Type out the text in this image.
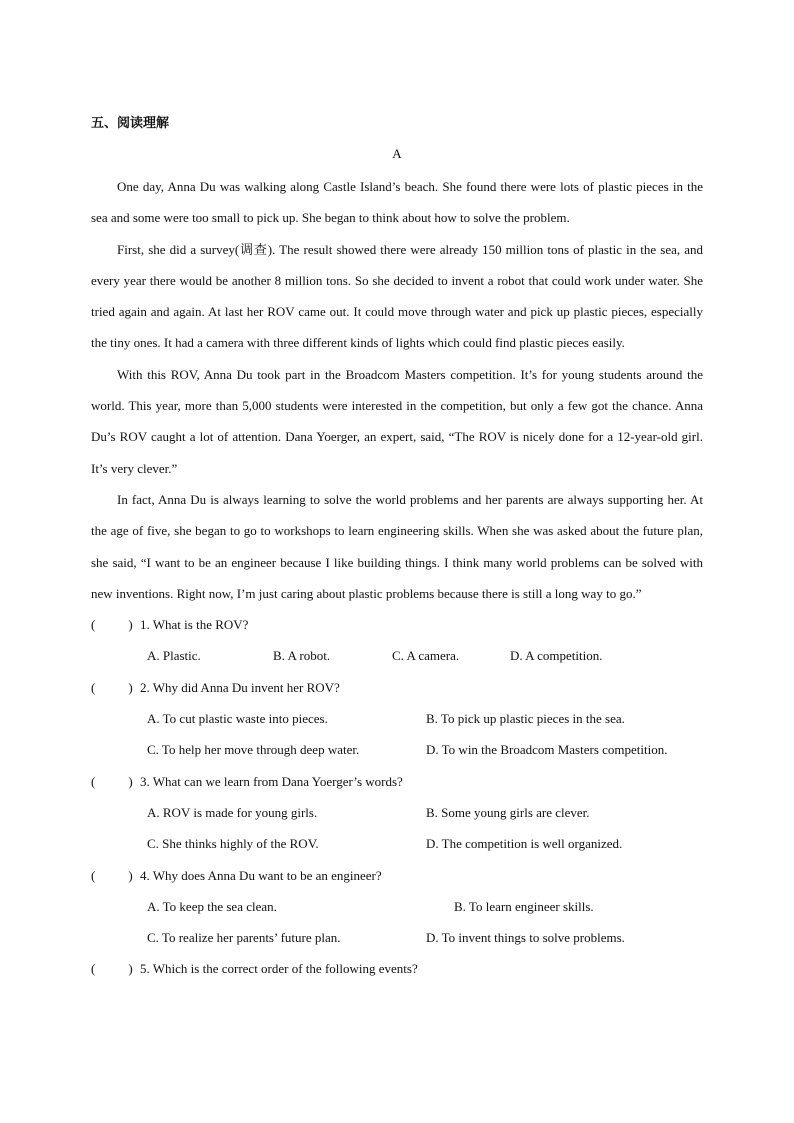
五、阅读理解
A

One day, Anna Du was walking along Castle Island’s beach. She found there were lots of plastic pieces in the sea and some were too small to pick up. She began to think about how to solve the problem.

First, she did a survey(调查). The result showed there were already 150 million tons of plastic in the sea, and every year there would be another 8 million tons. So she decided to invent a robot that could work under water. She tried again and again. At last her ROV came out. It could move through water and pick up plastic pieces, especially the tiny ones. It had a camera with three different kinds of lights which could find plastic pieces easily.

With this ROV, Anna Du took part in the Broadcom Masters competition. It’s for young students around the world. This year, more than 5,000 students were interested in the competition, but only a few got the chance. Anna Du’s ROV caught a lot of attention. Dana Yoerger, an expert, said, “The ROV is nicely done for a 12-year-old girl. It’s very clever.”

In fact, Anna Du is always learning to solve the world problems and her parents are always supporting her. At the age of five, she began to go to workshops to learn engineering skills. When she was asked about the future plan, she said, “I want to be an engineer because I like building things. I think many world problems can be solved with new inventions. Right now, I’m just caring about plastic problems because there is still a long way to go.”

(	) 1. What is the ROV?
A. Plastic.	B. A robot.	C. A camera.	D. A competition.
(	) 2. Why did Anna Du invent her ROV?
A. To cut plastic waste into pieces.	B. To pick up plastic pieces in the sea.
C. To help her move through deep water.	D. To win the Broadcom Masters competition.
(	) 3. What can we learn from Dana Yoerger’s words?
A. ROV is made for young girls.	B. Some young girls are clever.
C. She thinks highly of the ROV.	D. The competition is well organized.
(	) 4. Why does Anna Du want to be an engineer?
A. To keep the sea clean.	B. To learn engineer skills.
C. To realize her parents’ future plan.	D. To invent things to solve problems.
(	) 5. Which is the correct order of the following events?
